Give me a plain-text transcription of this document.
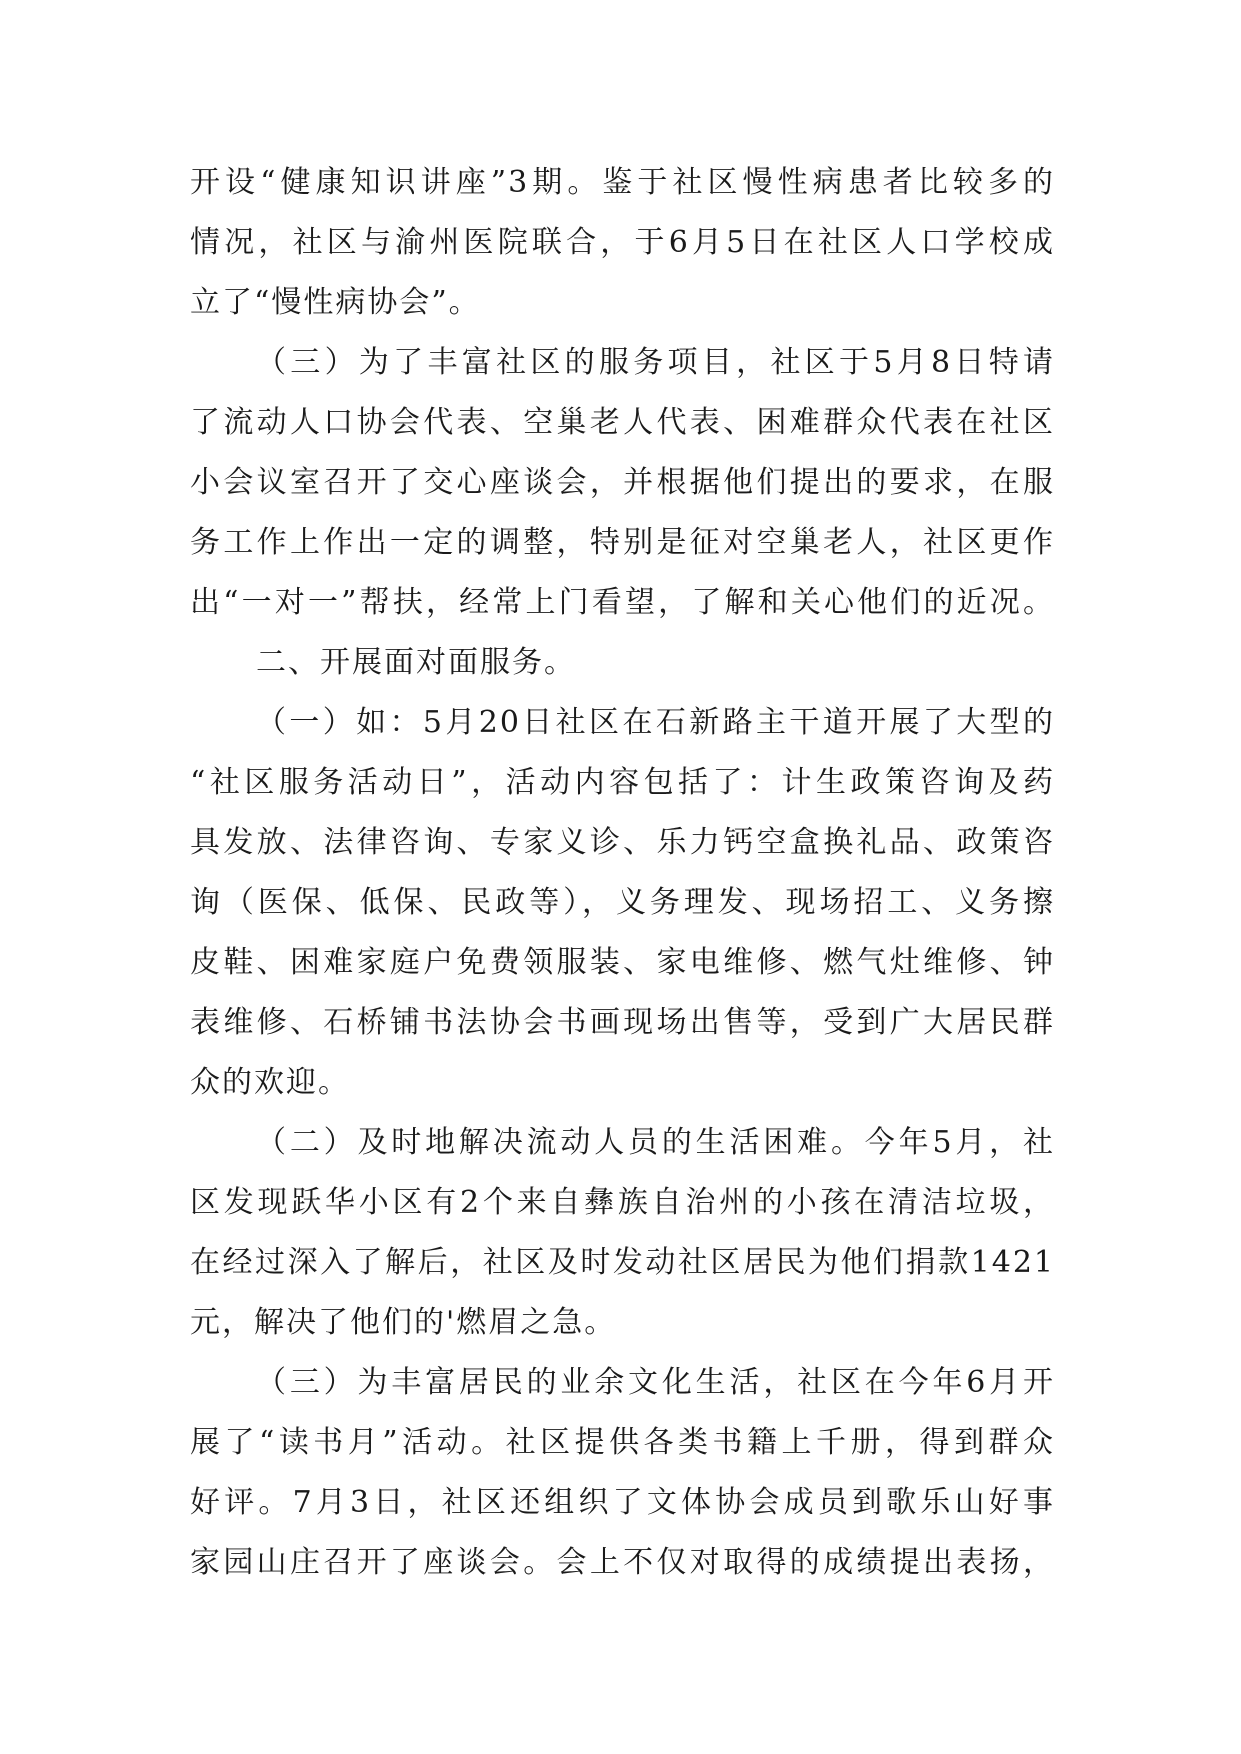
开设“健康知识讲座”3期。鉴于社区慢性病患者比较多的
情况，社区与渝州医院联合，于6月5日在社区人口学校成
立了“慢性病协会”。
（三）为了丰富社区的服务项目，社区于5月8日特请
了流动人口协会代表、空巢老人代表、困难群众代表在社区
小会议室召开了交心座谈会，并根据他们提出的要求，在服
务工作上作出一定的调整，特别是征对空巢老人，社区更作
出“一对一”帮扶，经常上门看望，了解和关心他们的近况。
二、开展面对面服务。
（一）如：5月20日社区在石新路主干道开展了大型的
“社区服务活动日”，活动内容包括了：计生政策咨询及药
具发放、法律咨询、专家义诊、乐力钙空盒换礼品、政策咨
询（医保、低保、民政等），义务理发、现场招工、义务擦
皮鞋、困难家庭户免费领服装、家电维修、燃气灶维修、钟
表维修、石桥铺书法协会书画现场出售等，受到广大居民群
众的欢迎。
（二）及时地解决流动人员的生活困难。今年5月，社
区发现跃华小区有2个来自彝族自治州的小孩在清洁垃圾，
在经过深入了解后，社区及时发动社区居民为他们捐款1421
元，解决了他们的'燃眉之急。
（三）为丰富居民的业余文化生活，社区在今年6月开
展了“读书月”活动。社区提供各类书籍上千册，得到群众
好评。7月3日，社区还组织了文体协会成员到歌乐山好事
家园山庄召开了座谈会。会上不仅对取得的成绩提出表扬，
